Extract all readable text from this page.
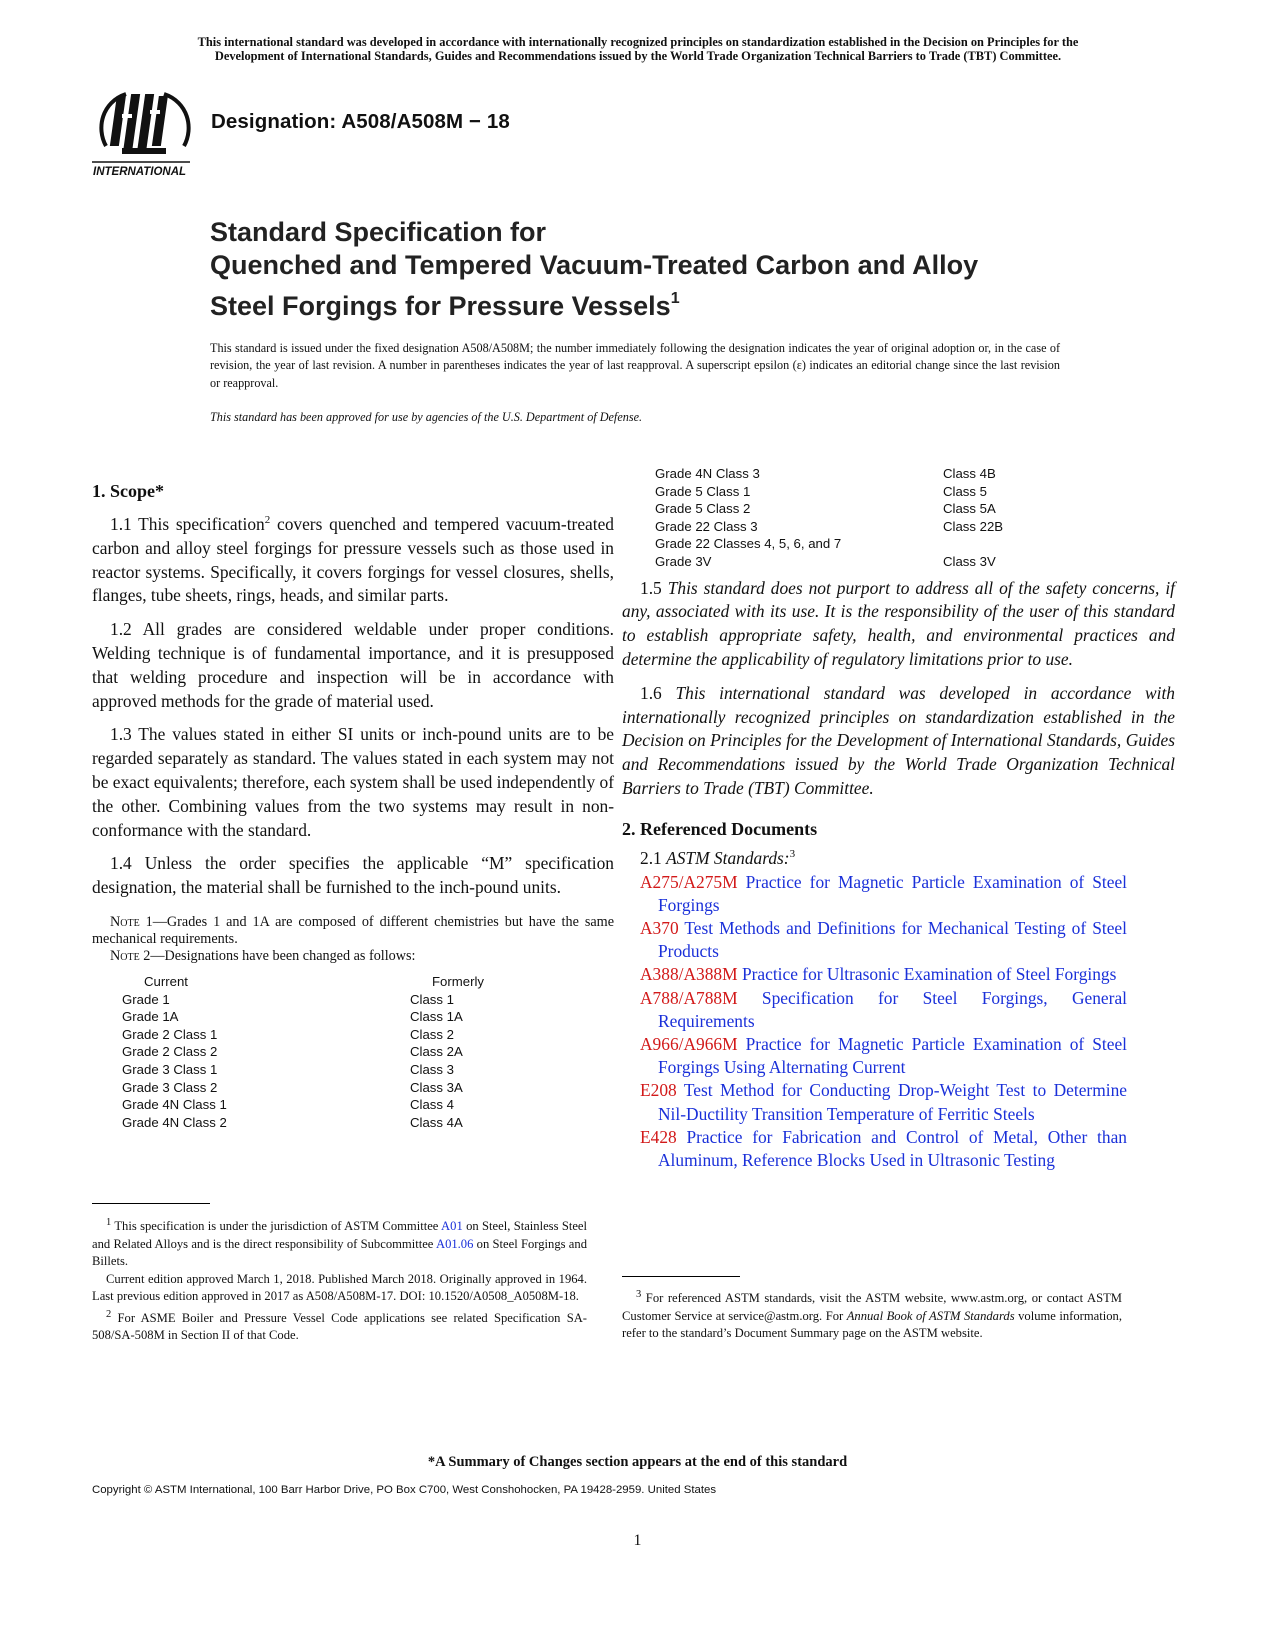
This international standard was developed in accordance with internationally recognized principles on standardization established in the Decision on Principles for the
Development of International Standards, Guides and Recommendations issued by the World Trade Organization Technical Barriers to Trade (TBT) Committee.
INTERNATIONAL
Designation: A508/A508M − 18
Standard Specification for
Quenched and Tempered Vacuum-Treated Carbon and Alloy
Steel Forgings for Pressure Vessels$^1$
This standard is issued under the fixed designation A508/A508M; the number immediately following the designation indicates the year of original adoption or, in the case of revision, the year of last revision. A number in parentheses indicates the year of last reapproval. A superscript epsilon (ε) indicates an editorial change since the last revision or reapproval.
This standard has been approved for use by agencies of the U.S. Department of Defense.
1. Scope*

1.1 This specification$^2$ covers quenched and tempered vacuum-treated carbon and alloy steel forgings for pressure vessels such as those used in reactor systems. Specifically, it covers forgings for vessel closures, shells, flanges, tube sheets, rings, heads, and similar parts.

1.2 All grades are considered weldable under proper conditions. Welding technique is of fundamental importance, and it is presupposed that welding procedure and inspection will be in accordance with approved methods for the grade of material used.

1.3 The values stated in either SI units or inch-pound units are to be regarded separately as standard. The values stated in each system may not be exact equivalents; therefore, each system shall be used independently of the other. Combining values from the two systems may result in non-conformance with the standard.

1.4 Unless the order specifies the applicable “M” specification designation, the material shall be furnished to the inch-pound units.

Note 1—Grades 1 and 1A are composed of different chemistries but have the same mechanical requirements.
Note 2—Designations have been changed as follows:
Current	Formerly
Grade 1	Class 1
Grade 1A	Class 1A
Grade 2 Class 1	Class 2
Grade 2 Class 2	Class 2A
Grade 3 Class 1	Class 3
Grade 3 Class 2	Class 3A
Grade 4N Class 1	Class 4
Grade 4N Class 2	Class 4A

$^1$ This specification is under the jurisdiction of ASTM Committee A01 on Steel, Stainless Steel and Related Alloys and is the direct responsibility of Subcommittee A01.06 on Steel Forgings and Billets.

Current edition approved March 1, 2018. Published March 2018. Originally approved in 1964. Last previous edition approved in 2017 as A508/A508M-17. DOI: 10.1520/A0508_A0508M-18.

$^2$ For ASME Boiler and Pressure Vessel Code applications see related Specification SA-508/SA-508M in Section II of that Code.

Grade 4N Class 3	Class 4B
Grade 5 Class 1	Class 5
Grade 5 Class 2	Class 5A
Grade 22 Class 3	Class 22B
Grade 22 Classes 4, 5, 6, and 7
Grade 3V	Class 3V

1.5 This standard does not purport to address all of the safety concerns, if any, associated with its use. It is the responsibility of the user of this standard to establish appropriate safety, health, and environmental practices and determine the applicability of regulatory limitations prior to use.

1.6 This international standard was developed in accordance with internationally recognized principles on standardization established in the Decision on Principles for the Development of International Standards, Guides and Recommendations issued by the World Trade Organization Technical Barriers to Trade (TBT) Committee.

2. Referenced Documents
2.1 ASTM Standards:$^3$

A275/A275M Practice for Magnetic Particle Examination of Steel Forgings

A370 Test Methods and Definitions for Mechanical Testing of Steel Products

A388/A388M Practice for Ultrasonic Examination of Steel Forgings

A788/A788M Specification for Steel Forgings, General Requirements

A966/A966M Practice for Magnetic Particle Examination of Steel Forgings Using Alternating Current

E208 Test Method for Conducting Drop-Weight Test to Determine Nil-Ductility Transition Temperature of Ferritic Steels

E428 Practice for Fabrication and Control of Metal, Other than Aluminum, Reference Blocks Used in Ultrasonic Testing

$^3$ For referenced ASTM standards, visit the ASTM website, www.astm.org, or contact ASTM Customer Service at service@astm.org. For Annual Book of ASTM Standards volume information, refer to the standard’s Document Summary page on the ASTM website.

*A Summary of Changes section appears at the end of this standard
Copyright © ASTM International, 100 Barr Harbor Drive, PO Box C700, West Conshohocken, PA 19428-2959. United States
1
